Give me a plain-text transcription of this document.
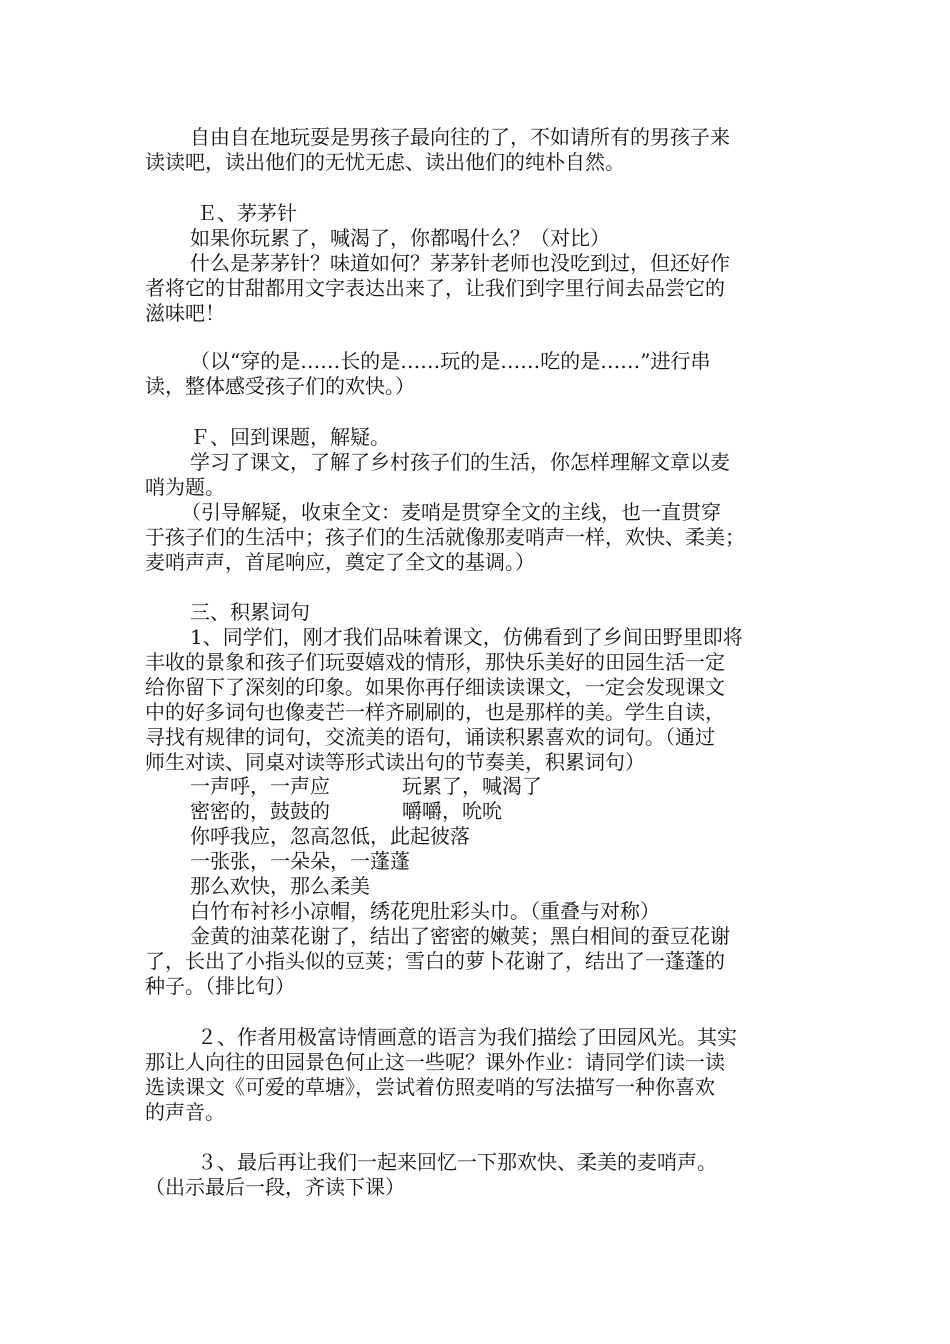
自由自在地玩耍是男孩子最向往的了，不如请所有的男孩子来
读读吧，读出他们的无忧无虑、读出他们的纯朴自然。
Ｅ、茅茅针
如果你玩累了，喊渴了，你都喝什么？（对比）
什么是茅茅针？味道如何？茅茅针老师也没吃到过，但还好作
者将它的甘甜都用文字表达出来了，让我们到字里行间去品尝它的
滋味吧！
（以“穿的是……长的是……玩的是……吃的是……”进行串
读，整体感受孩子们的欢快。）
Ｆ、回到课题，解疑。
学习了课文，了解了乡村孩子们的生活，你怎样理解文章以麦
哨为题。
（引导解疑，收束全文：麦哨是贯穿全文的主线，也一直贯穿
于孩子们的生活中；孩子们的生活就像那麦哨声一样，欢快、柔美；
麦哨声声，首尾响应，奠定了全文的基调。）
三、积累词句
1、同学们，刚才我们品味着课文，仿佛看到了乡间田野里即将
丰收的景象和孩子们玩耍嬉戏的情形，那快乐美好的田园生活一定
给你留下了深刻的印象。如果你再仔细读读课文，一定会发现课文
中的好多词句也像麦芒一样齐刷刷的，也是那样的美。学生自读，
寻找有规律的词句，交流美的语句，诵读积累喜欢的词句。（通过
师生对读、同桌对读等形式读出句的节奏美，积累词句）
一声呼，一声应	玩累了，喊渴了
密密的，鼓鼓的	嚼嚼，吮吮
你呼我应，忽高忽低，此起彼落
一张张，一朵朵，一蓬蓬
那么欢快，那么柔美
白竹布衬衫小凉帽，绣花兜肚彩头巾。（重叠与对称）
金黄的油菜花谢了，结出了密密的嫩荚；黑白相间的蚕豆花谢
了，长出了小指头似的豆荚；雪白的萝卜花谢了，结出了一蓬蓬的
种子。（排比句）
２、作者用极富诗情画意的语言为我们描绘了田园风光。其实
那让人向往的田园景色何止这一些呢？课外作业：请同学们读一读
选读课文《可爱的草塘》，尝试着仿照麦哨的写法描写一种你喜欢
的声音。
３、最后再让我们一起来回忆一下那欢快、柔美的麦哨声。
（出示最后一段，齐读下课）
